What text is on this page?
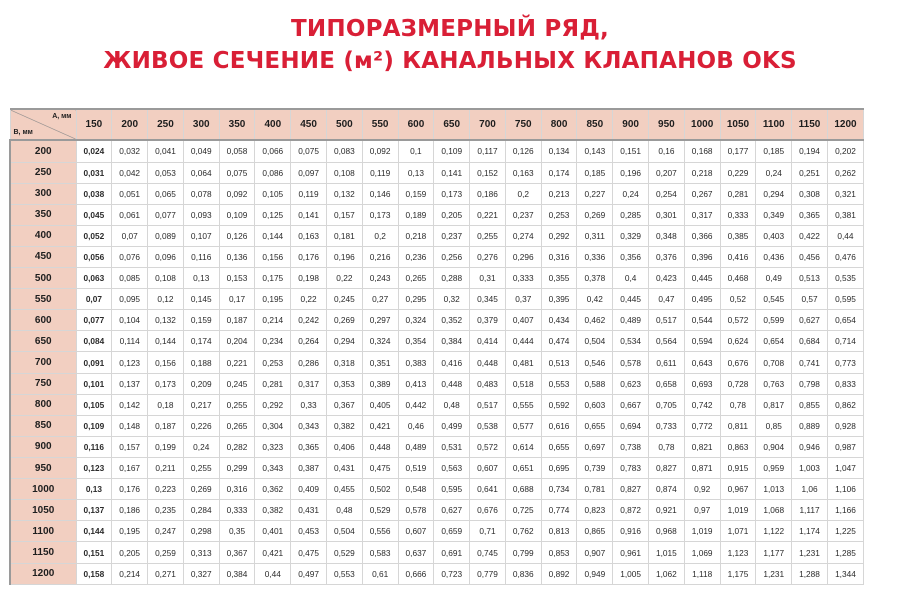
ТИПОРАЗМЕРНЫЙ РЯД,
ЖИВОЕ СЕЧЕНИЕ (м²) КАНАЛЬНЫХ КЛАПАНОВ OKS
A, мм
B, мм	150	200	250	300	350	400	450	500	550	600	650	700	750	800	850	900	950	1000	1050	1100	1150	1200
200	0,024	0,032	0,041	0,049	0,058	0,066	0,075	0,083	0,092	0,1	0,109	0,117	0,126	0,134	0,143	0,151	0,16	0,168	0,177	0,185	0,194	0,202
250	0,031	0,042	0,053	0,064	0,075	0,086	0,097	0,108	0,119	0,13	0,141	0,152	0,163	0,174	0,185	0,196	0,207	0,218	0,229	0,24	0,251	0,262
300	0,038	0,051	0,065	0,078	0,092	0,105	0,119	0,132	0,146	0,159	0,173	0,186	0,2	0,213	0,227	0,24	0,254	0,267	0,281	0,294	0,308	0,321
350	0,045	0,061	0,077	0,093	0,109	0,125	0,141	0,157	0,173	0,189	0,205	0,221	0,237	0,253	0,269	0,285	0,301	0,317	0,333	0,349	0,365	0,381
400	0,052	0,07	0,089	0,107	0,126	0,144	0,163	0,181	0,2	0,218	0,237	0,255	0,274	0,292	0,311	0,329	0,348	0,366	0,385	0,403	0,422	0,44
450	0,056	0,076	0,096	0,116	0,136	0,156	0,176	0,196	0,216	0,236	0,256	0,276	0,296	0,316	0,336	0,356	0,376	0,396	0,416	0,436	0,456	0,476
500	0,063	0,085	0,108	0,13	0,153	0,175	0,198	0,22	0,243	0,265	0,288	0,31	0,333	0,355	0,378	0,4	0,423	0,445	0,468	0,49	0,513	0,535
550	0,07	0,095	0,12	0,145	0,17	0,195	0,22	0,245	0,27	0,295	0,32	0,345	0,37	0,395	0,42	0,445	0,47	0,495	0,52	0,545	0,57	0,595
600	0,077	0,104	0,132	0,159	0,187	0,214	0,242	0,269	0,297	0,324	0,352	0,379	0,407	0,434	0,462	0,489	0,517	0,544	0,572	0,599	0,627	0,654
650	0,084	0,114	0,144	0,174	0,204	0,234	0,264	0,294	0,324	0,354	0,384	0,414	0,444	0,474	0,504	0,534	0,564	0,594	0,624	0,654	0,684	0,714
700	0,091	0,123	0,156	0,188	0,221	0,253	0,286	0,318	0,351	0,383	0,416	0,448	0,481	0,513	0,546	0,578	0,611	0,643	0,676	0,708	0,741	0,773
750	0,101	0,137	0,173	0,209	0,245	0,281	0,317	0,353	0,389	0,413	0,448	0,483	0,518	0,553	0,588	0,623	0,658	0,693	0,728	0,763	0,798	0,833
800	0,105	0,142	0,18	0,217	0,255	0,292	0,33	0,367	0,405	0,442	0,48	0,517	0,555	0,592	0,603	0,667	0,705	0,742	0,78	0,817	0,855	0,862
850	0,109	0,148	0,187	0,226	0,265	0,304	0,343	0,382	0,421	0,46	0,499	0,538	0,577	0,616	0,655	0,694	0,733	0,772	0,811	0,85	0,889	0,928
900	0,116	0,157	0,199	0,24	0,282	0,323	0,365	0,406	0,448	0,489	0,531	0,572	0,614	0,655	0,697	0,738	0,78	0,821	0,863	0,904	0,946	0,987
950	0,123	0,167	0,211	0,255	0,299	0,343	0,387	0,431	0,475	0,519	0,563	0,607	0,651	0,695	0,739	0,783	0,827	0,871	0,915	0,959	1,003	1,047
1000	0,13	0,176	0,223	0,269	0,316	0,362	0,409	0,455	0,502	0,548	0,595	0,641	0,688	0,734	0,781	0,827	0,874	0,92	0,967	1,013	1,06	1,106
1050	0,137	0,186	0,235	0,284	0,333	0,382	0,431	0,48	0,529	0,578	0,627	0,676	0,725	0,774	0,823	0,872	0,921	0,97	1,019	1,068	1,117	1,166
1100	0,144	0,195	0,247	0,298	0,35	0,401	0,453	0,504	0,556	0,607	0,659	0,71	0,762	0,813	0,865	0,916	0,968	1,019	1,071	1,122	1,174	1,225
1150	0,151	0,205	0,259	0,313	0,367	0,421	0,475	0,529	0,583	0,637	0,691	0,745	0,799	0,853	0,907	0,961	1,015	1,069	1,123	1,177	1,231	1,285
1200	0,158	0,214	0,271	0,327	0,384	0,44	0,497	0,553	0,61	0,666	0,723	0,779	0,836	0,892	0,949	1,005	1,062	1,118	1,175	1,231	1,288	1,344
